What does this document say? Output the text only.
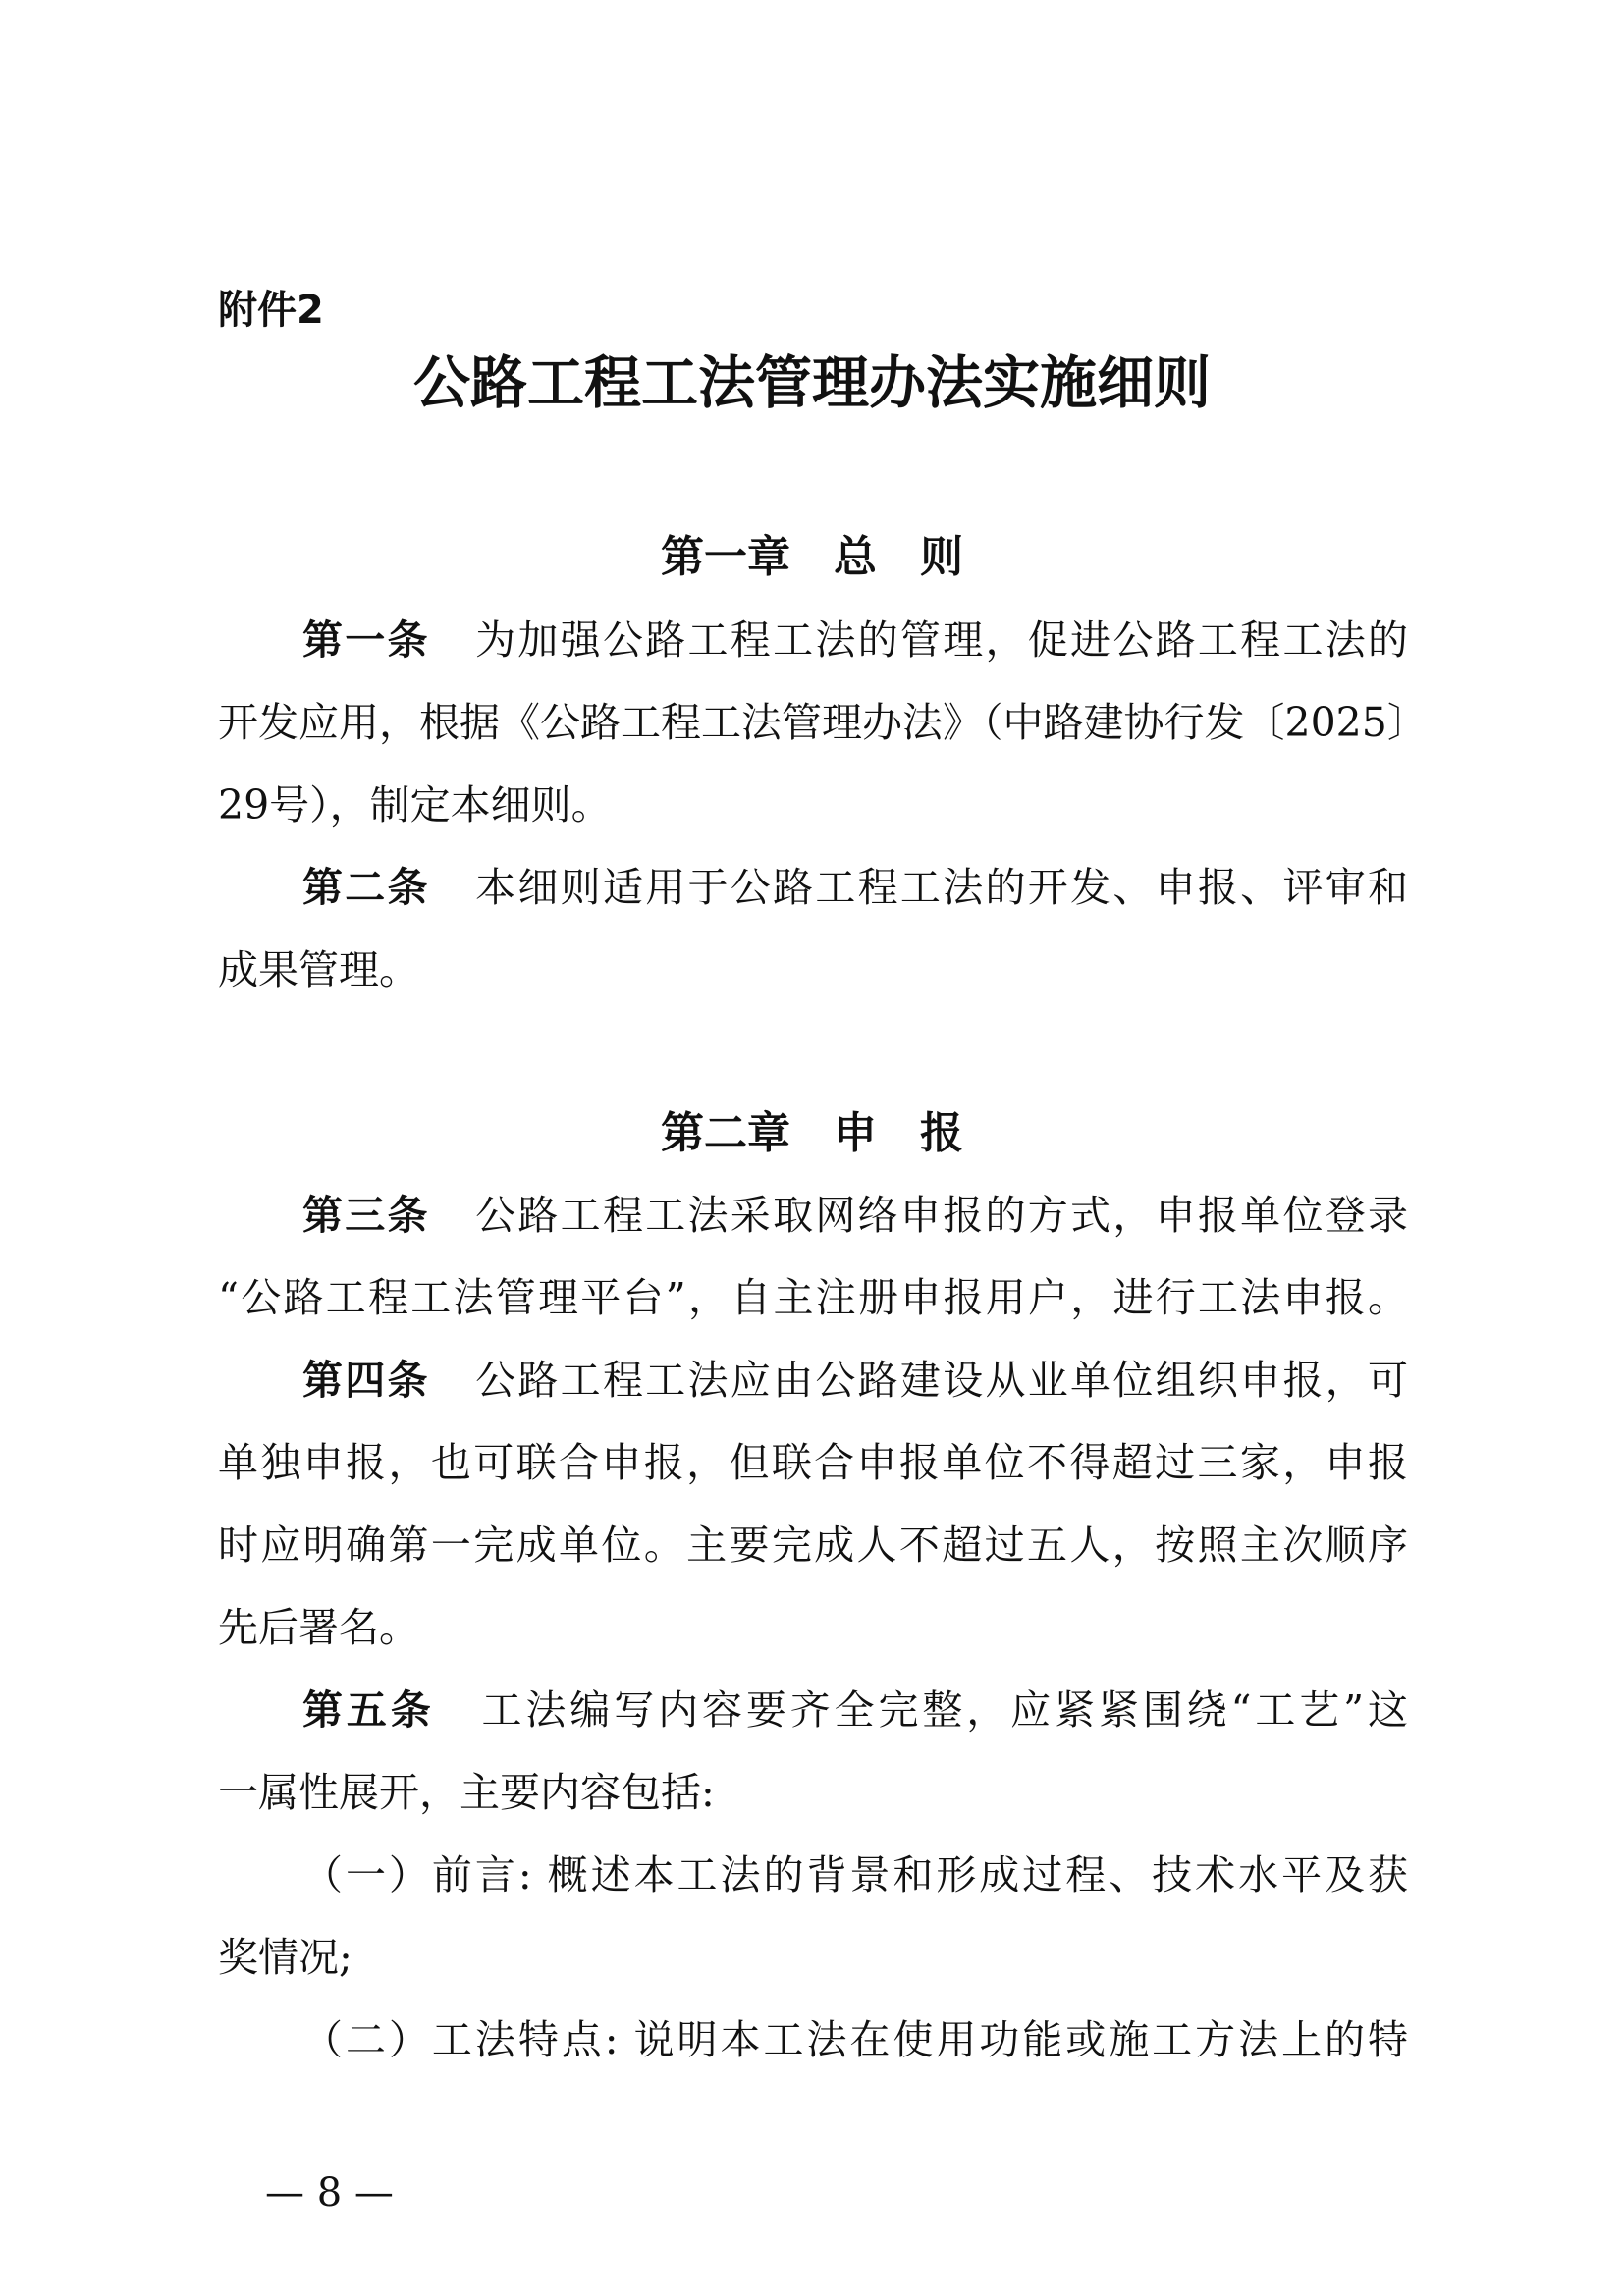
附件2
公路工程工法管理办法实施细则
第一章 总 则
第一条 为加强公路工程工法的管理，促进公路工程工法的
开发应用，根据《公路工程工法管理办法》（中路建协行发〔2025〕
29号），制定本细则。
第二条 本细则适用于公路工程工法的开发、申报、评审和
成果管理。
第二章 申 报
第三条 公路工程工法采取网络申报的方式，申报单位登录
“公路工程工法管理平台”，自主注册申报用户，进行工法申报。
第四条 公路工程工法应由公路建设从业单位组织申报，可
单独申报，也可联合申报，但联合申报单位不得超过三家，申报
时应明确第一完成单位。主要完成人不超过五人，按照主次顺序
先后署名。
第五条 工法编写内容要齐全完整，应紧紧围绕“工艺”这
一属性展开，主要内容包括:
（一）前言: 概述本工法的背景和形成过程、技术水平及获
奖情况;
（二）工法特点: 说明本工法在使用功能或施工方法上的特
— 8 —
